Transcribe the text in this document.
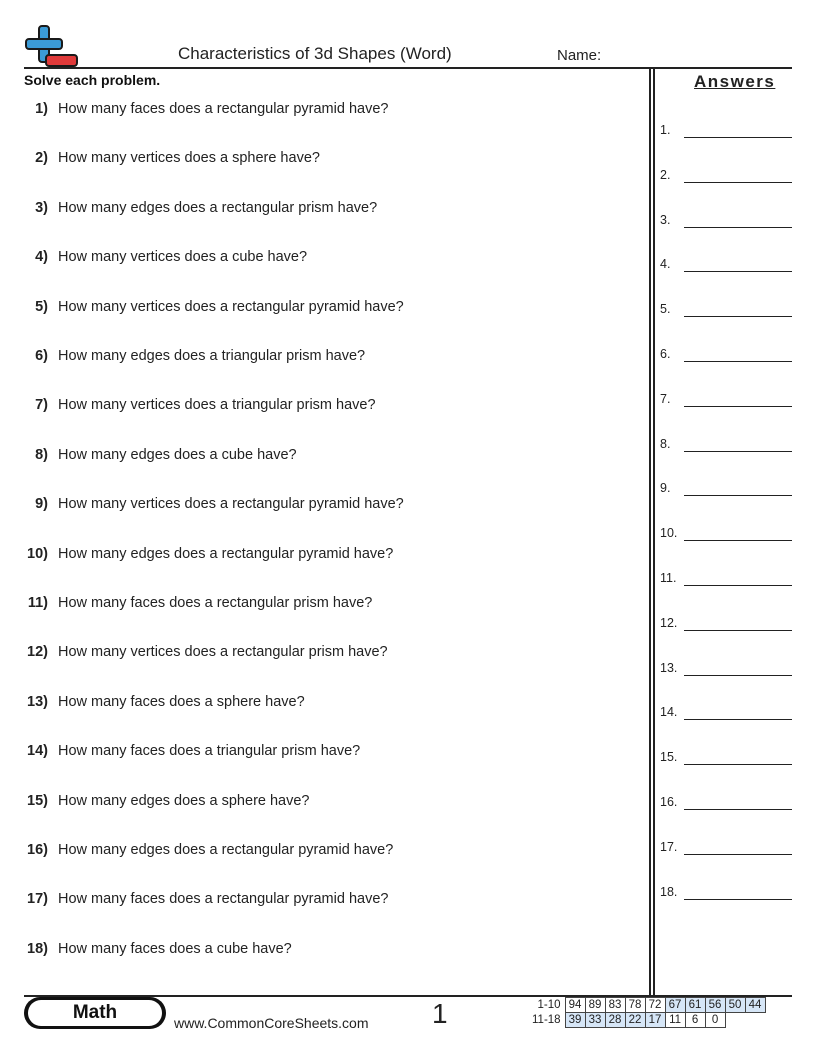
Characteristics of 3d Shapes (Word)	Name:
Solve each problem.	Answers
1) How many faces does a rectangular pyramid have?
2) How many vertices does a sphere have?
3) How many edges does a rectangular prism have?
4) How many vertices does a cube have?
5) How many vertices does a rectangular pyramid have?
6) How many edges does a triangular prism have?
7) How many vertices does a triangular prism have?
8) How many edges does a cube have?
9) How many vertices does a rectangular pyramid have?
10) How many edges does a rectangular pyramid have?
11) How many faces does a rectangular prism have?
12) How many vertices does a rectangular prism have?
13) How many faces does a sphere have?
14) How many faces does a triangular prism have?
15) How many edges does a sphere have?
16) How many edges does a rectangular pyramid have?
17) How many faces does a rectangular pyramid have?
18) How many faces does a cube have?
1.
2.
3.
4.
5.
6.
7.
8.
9.
10.
11.
12.
13.
14.
15.
16.
17.
18.
Math	www.CommonCoreSheets.com 1	1-10	94	89	83	78	72	67	61	56	50	44
11-18	39	33	28	22	17	11	6	0		
